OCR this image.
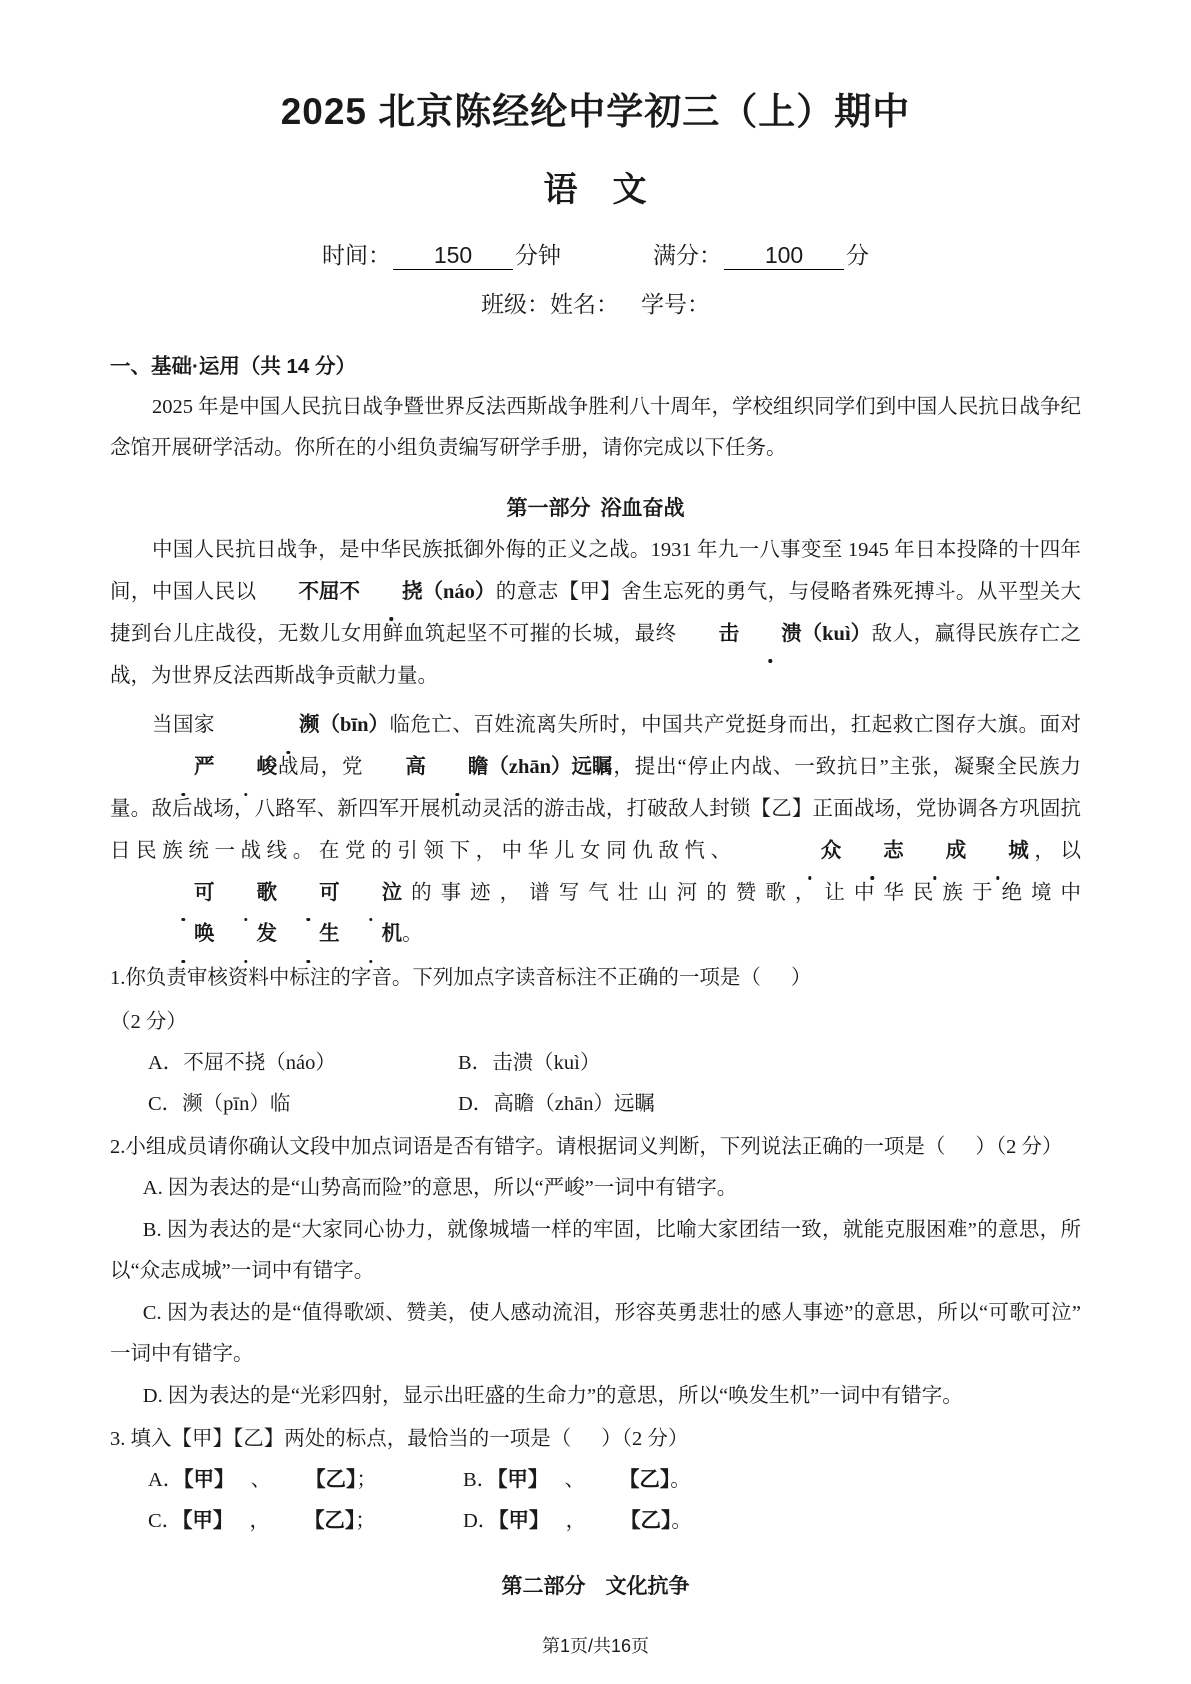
2025 北京陈经纶中学初三（上）期中
语 文
时间：	150	分钟	满分：	100	分
班级： 姓名： 学号：
一、基础·运用（共 14 分）

2025 年是中国人民抗日战争暨世界反法西斯战争胜利八十周年，学校组织同学们到中国人民抗日战争纪念馆开展研学活动。你所在的小组负责编写研学手册，请你完成以下任务。

第一部分 浴血奋战

中国人民抗日战争，是中华民族抵御外侮的正义之战。1931 年九一八事变至 1945 年日本投降的十四年间，中国人民以 不屈不 挠（náo）的意志【甲】舍生忘死的勇气，与侵略者殊死搏斗。从平型关大捷到台儿庄战役，无数儿女用鲜血筑起坚不可摧的长城，最终 击 溃（kuì）敌人，赢得民族存亡之战，为世界反法西斯战争贡献力量。

当国家	濒（bīn）临危亡、百姓流离失所时，中国共产党挺身而出，扛起救亡图存大旗。面对严 峻战局，党 高 瞻（zhān）远瞩，提出“停止内战、一致抗日”主张，凝聚全民族力量。敌后战场，八路军、新四军开展机动灵活的游击战，打破敌人封锁【乙】正面战场，党协调各方巩固抗日民族统一战线。在党的引领下，中华儿女同仇敌忾、	众 志 成 城，以可 歌 可 泣的事迹，谱写气壮山河的赞歌，让中华民族于绝境中唤 发 生 机。

1.你负责审核资料中标注的字音。下列加点字读音标注不正确的一项是（ ）
（2 分）
A．不屈不挠（náo）	B．击溃（kuì）
C．濒（pīn）临	D．高瞻（zhān）远瞩
2.小组成员请你确认文段中加点词语是否有错字。请根据词义判断，下列说法正确的一项是（ ）（2 分）
A. 因为表达的是“山势高而险”的意思，所以“严峻”一词中有错字。
B. 因为表达的是“大家同心协力，就像城墙一样的牢固，比喻大家团结一致，就能克服困难”的意思，所以“众志成城”一词中有错字。
C. 因为表达的是“值得歌颂、赞美，使人感动流泪，形容英勇悲壮的感人事迹”的意思，所以“可歌可泣”一词中有错字。
D. 因为表达的是“光彩四射，显示出旺盛的生命力”的意思，所以“唤发生机”一词中有错字。
3. 填入【甲】【乙】两处的标点，最恰当的一项是（ ）（2 分）
A．【甲】 、 【乙】；	B．【甲】 、 【乙】。
C．【甲】 ， 【乙】；	D．【甲】 ， 【乙】。
第二部分 文化抗争
第1页/共16页
